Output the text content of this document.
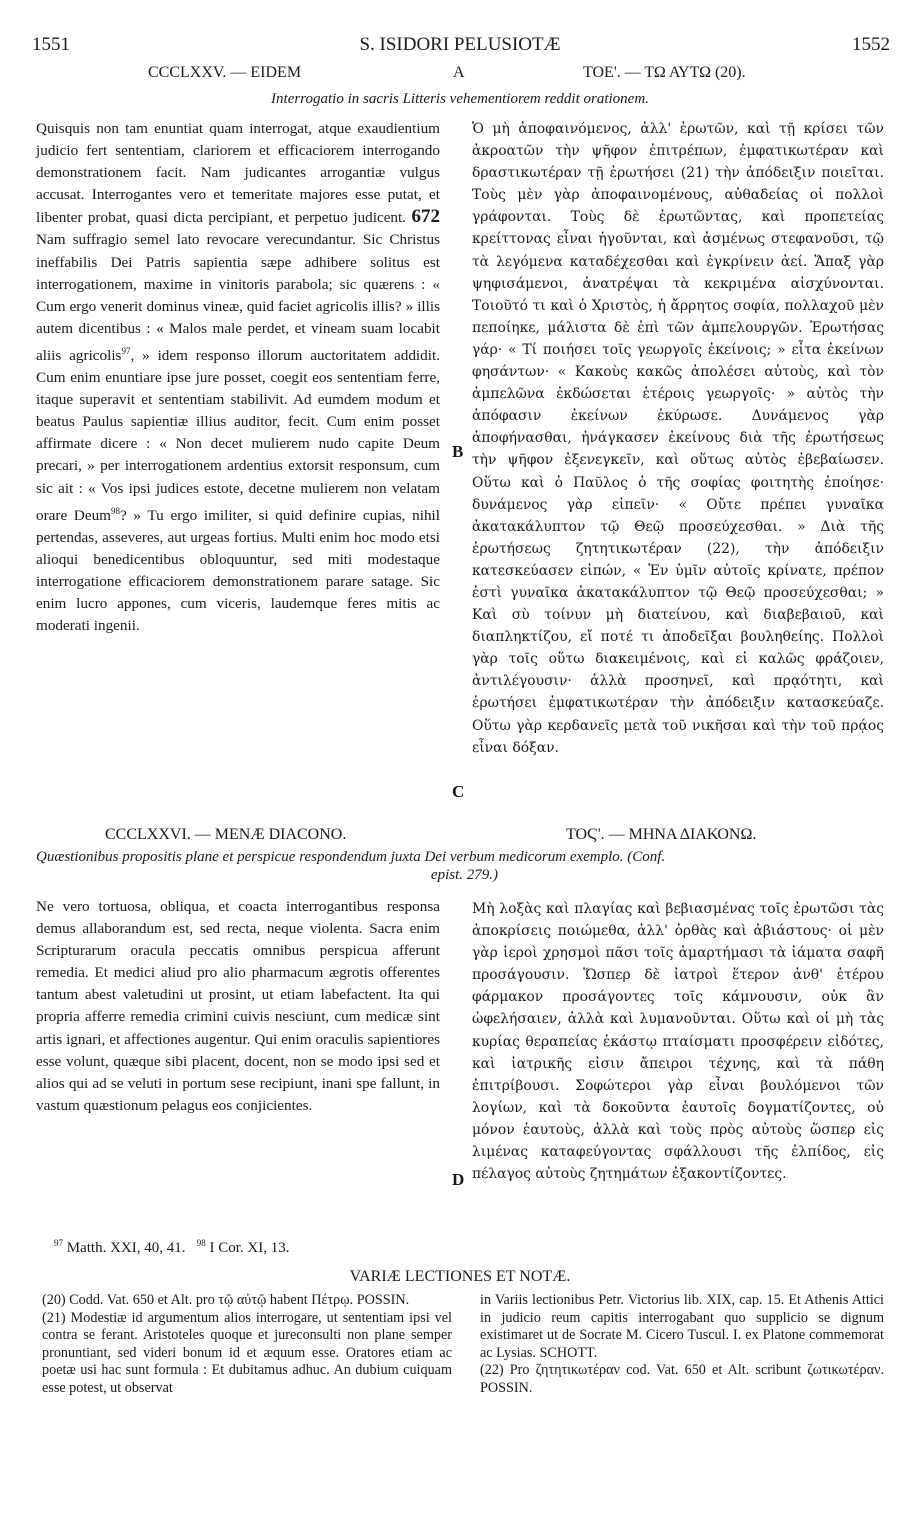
1551	S. ISIDORI PELUSIOTÆ	1552
CCCLXXV. — EIDEM	A	ΤΟΕ'. — ΤΩ ΑΥΤΩ (20).
Interrogatio in sacris Litteris vehementiorem reddit orationem.

Quisquis non tam enuntiat quam interrogat, atque exaudientium judicio fert sententiam, clariorem et efficaciorem interrogando demonstrationem facit. Nam judicantes arrogantiæ vulgus accusat. Interrogantes vero et temeritate majores esse putat, et libenter probat, quasi dicta percipiant, et perpetuo judicent. 672 Nam suffragio semel lato revocare verecundantur. Sic Christus ineffabilis Dei Patris sapientia sæpe adhibere solitus est interrogationem, maxime in vinitoris parabola; sic quærens : « Cum ergo venerit dominus vineæ, quid faciet agricolis illis? » illis autem dicentibus : « Malos male perdet, et vineam suam locabit aliis agricolis$^{97}$, » idem responso illorum auctoritatem addidit. Cum enim enuntiare ipse jure posset, coegit eos sententiam ferre, itaque superavit et sententiam stabilivit. Ad eumdem modum et beatus Paulus sapientiæ illius auditor, fecit. Cum enim posset affirmate dicere : « Non decet mulierem nudo capite Deum precari, » per interrogationem ardentius extorsit responsum, cum sic ait : « Vos ipsi judices estote, decetne mulierem non velatam orare Deum$^{98}$? » Tu ergo imiliter, si quid definire cupias, nihil pertendas, asseveres, aut urgeas fortius. Multi enim hoc modo etsi alioqui benedicentibus obloquuntur, sed miti modestaque interrogatione efficaciorem demonstrationem parare satage. Sic enim lucro appones, cum viceris, laudemque feres mitis ac moderati ingenii.

Ὁ μὴ ἀποφαινόμενος, ἀλλ' ἐρωτῶν, καὶ τῇ κρίσει τῶν ἀκροατῶν τὴν ψῆφον ἐπιτρέπων, ἐμφατικωτέραν καὶ δραστικωτέραν τῇ ἐρωτήσει (21) τὴν ἀπόδειξιν ποιεῖται. Τοὺς μὲν γὰρ ἀποφαινομένους, αὐθαδείας οἱ πολλοὶ γράφονται. Τοὺς δὲ ἐρωτῶντας, καὶ προπετείας κρείττονας εἶναι ἡγοῦνται, καὶ ἀσμένως στεφανοῦσι, τῷ τὰ λεγόμενα καταδέχεσθαι καὶ ἐγκρίνειν ἀεί. Ἅπαξ γὰρ ψηφισάμενοι, ἀνατρέψαι τὰ κεκριμένα αἰσχύνονται. Τοιοῦτό τι καὶ ὁ Χριστὸς, ἡ ἄρρητος σοφία, πολλαχοῦ μὲν πεποίηκε, μάλιστα δὲ ἐπὶ τῶν ἀμπελουργῶν. Ἐρωτήσας γάρ· « Τί ποιήσει τοῖς γεωργοῖς ἐκείνοις; » εἶτα ἐκείνων φησάντων· « Κακοὺς κακῶς ἀπολέσει αὐτοὺς, καὶ τὸν ἀμπελῶνα ἐκδώσεται ἑτέροις γεωργοῖς· » αὐτὸς τὴν ἀπόφασιν ἐκείνων ἐκύρωσε. Δυνάμενος γὰρ ἀποφήνασθαι, ἠνάγκασεν ἐκείνους διὰ τῆς ἐρωτήσεως τὴν ψῆφον ἐξενεγκεῖν, καὶ οὕτως αὐτὸς ἐβεβαίωσεν. Οὕτω καὶ ὁ Παῦλος ὁ τῆς σοφίας φοιτητὴς ἐποίησε· δυνάμενος γὰρ εἰπεῖν· « Οὔτε πρέπει γυναῖκα ἀκατακάλυπτον τῷ Θεῷ προσεύχεσθαι. » Διὰ τῆς ἐρωτήσεως ζητητικωτέραν (22), τὴν ἀπόδειξιν κατεσκεύασεν εἰπών, « Ἐν ὑμῖν αὐτοῖς κρίνατε, πρέπον ἐστὶ γυναῖκα ἀκατακάλυπτον τῷ Θεῷ προσεύχεσθαι; » Καὶ σὺ τοίνυν μὴ διατείνου, καὶ διαβεβαιοῦ, καὶ διαπληκτίζου, εἴ ποτέ τι ἀποδεῖξαι βουληθείης. Πολλοὶ γὰρ τοῖς οὕτω διακειμένοις, καὶ εἰ καλῶς φράζοιεν, ἀντιλέγουσιν· ἀλλὰ προσηνεῖ, καὶ πρᾳότητι, καὶ ἐρωτήσει ἐμφατικωτέραν τὴν ἀπόδειξιν κατασκεύαζε. Οὕτω γὰρ κερδανεῖς μετὰ τοῦ νικῆσαι καὶ τὴν τοῦ πρᾴος εἶναι δόξαν.
B
C
D
CCCLXXVI. — MENÆ DIACONO.	ΤΟϚ'. — ΜΗΝΑ ΔΙΑΚΟΝΩ.
Quæstionibus propositis plane et perspicue respondendum juxta Dei verbum medicorum exemplo. (Conf.
epist. 279.)
Ne vero tortuosa, obliqua, et coacta interrogantibus responsa demus allaborandum est, sed recta, neque violenta. Sacra enim Scripturarum oracula peccatis omnibus perspicua afferunt remedia. Et medici aliud pro alio pharmacum ægrotis offerentes tantum abest valetudini ut prosint, ut etiam labefactent. Ita qui propria afferre remedia crimini cuivis nesciunt, cum medicæ sint artis ignari, et affectiones augentur. Qui enim oraculis sapientiores esse volunt, quæque sibi placent, docent, non se modo ipsi sed et alios qui ad se veluti in portum sese recipiunt, inani spe fallunt, in vastum quæstionum pelagus eos conjicientes.
Μὴ λοξὰς καὶ πλαγίας καὶ βεβιασμένας τοῖς ἐρωτῶσι τὰς ἀποκρίσεις ποιώμεθα, ἀλλ' ὀρθὰς καὶ ἀβιάστους· οἱ μὲν γὰρ ἱεροὶ χρησμοὶ πᾶσι τοῖς ἁμαρτήμασι τὰ ἰάματα σαφῆ προσάγουσιν. Ὥσπερ δὲ ἰατροὶ ἕτερον ἀνθ' ἑτέρου φάρμακον προσάγοντες τοῖς κάμνουσιν, οὐκ ἂν ὠφελήσαιεν, ἀλλὰ καὶ λυμανοῦνται. Οὕτω καὶ οἱ μὴ τὰς κυρίας θεραπείας ἑκάστῳ πταίσματι προσφέρειν εἰδότες, καὶ ἰατρικῆς εἰσιν ἄπειροι τέχνης, καὶ τὰ πάθη ἐπιτρίβουσι. Σοφώτεροι γὰρ εἶναι βουλόμενοι τῶν λογίων, καὶ τὰ δοκοῦντα ἑαυτοῖς δογματίζοντες, οὐ μόνον ἑαυτοὺς, ἀλλὰ καὶ τοὺς πρὸς αὐτοὺς ὥσπερ εἰς λιμένας καταφεύγοντας σφάλλουσι τῆς ἐλπίδος, εἰς πέλαγος αὐτοὺς ζητημάτων ἐξακοντίζοντες.
$^{97}$ Matth. XXI, 40, 41. $^{98}$ I Cor. XI, 13.
VARIÆ LECTIONES ET NOTÆ.
(20) Codd. Vat. 650 et Alt. pro τῷ αὐτῷ habent Πέτρῳ. POSSIN.
(21) Modestiæ id argumentum alios interrogare, ut sententiam ipsi vel contra se ferant. Aristoteles quoque et jureconsulti non plane semper pronuntiant, sed videri bonum id et æquum esse. Oratores etiam ac poetæ usi hac sunt formula : Et dubitamus adhuc. An dubium cuiquam esse potest, ut observat
in Variis lectionibus Petr. Victorius lib. XIX, cap. 15. Et Athenis Attici in judicio reum capitis interrogabant quo supplicio se dignum existimaret ut de Socrate M. Cicero Tuscul. I. ex Platone commemorat ac Lysias. SCHOTT.
(22) Pro ζητητικωτέραν cod. Vat. 650 et Alt. scribunt ζωτικωτέραν. POSSIN.
